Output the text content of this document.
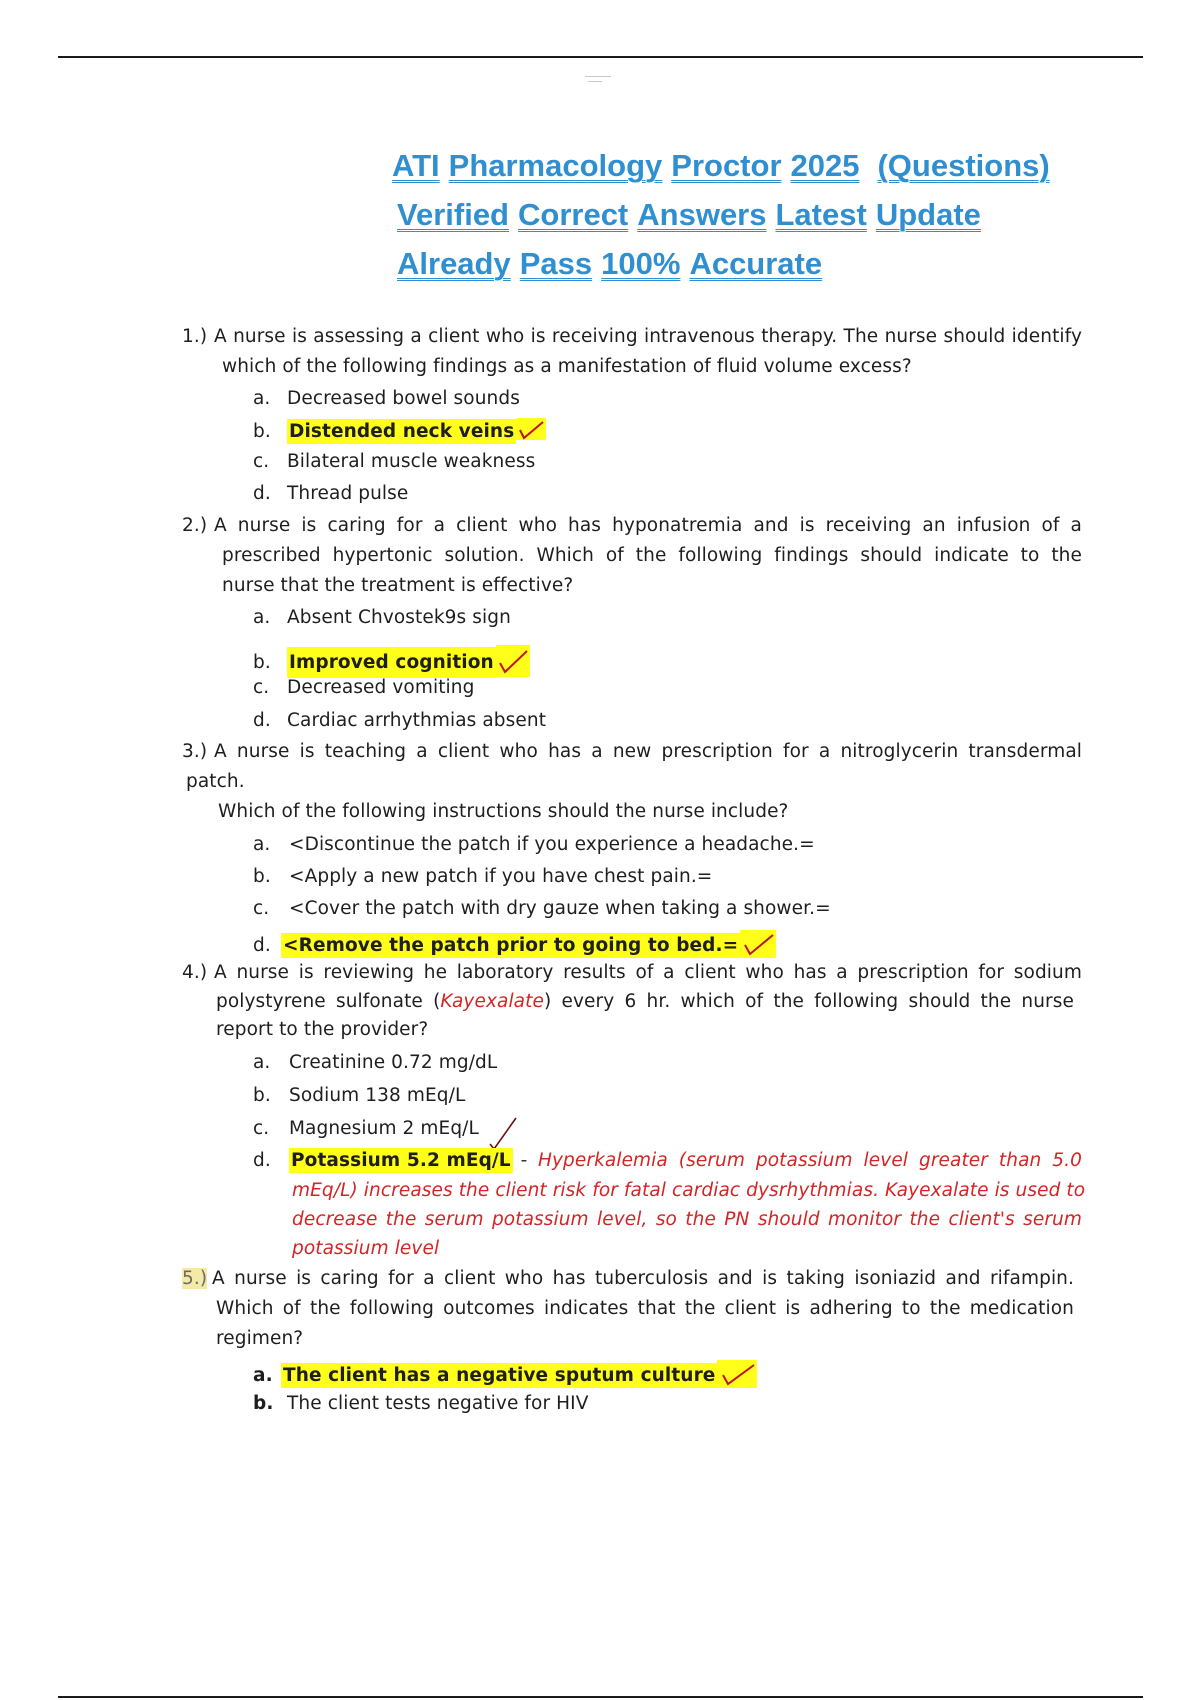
ATI Pharmacology Proctor 2025 (Questions)
Verified Correct Answers Latest Update
Already Pass 100% Accurate
1.) A nurse is assessing a client who is receiving intravenous therapy. The nurse should identify
which of the following findings as a manifestation of fluid volume excess?
a. Decreased bowel sounds
b. Distended neck veins
c. Bilateral muscle weakness
d. Thread pulse
2.) A nurse is caring for a client who has hyponatremia and is receiving an infusion of a
prescribed hypertonic solution. Which of the following findings should indicate to the
nurse that the treatment is effective?
a. Absent Chvostek9s sign
b. Improved cognition
c. Decreased vomiting
d. Cardiac arrhythmias absent
3.) A nurse is teaching a client who has a new prescription for a nitroglycerin transdermal
patch.
Which of the following instructions should the nurse include?
a. <Discontinue the patch if you experience a headache.=
b. <Apply a new patch if you have chest pain.=
c. <Cover the patch with dry gauze when taking a shower.=
d. <Remove the patch prior to going to bed.=
4.) A nurse is reviewing he laboratory results of a client who has a prescription for sodium
polystyrene sulfonate (Kayexalate) every 6 hr. which of the following should the nurse
report to the provider?
a. Creatinine 0.72 mg/dL
b. Sodium 138 mEq/L
c. Magnesium 2 mEq/L
d. Potassium 5.2 mEq/L - Hyperkalemia (serum potassium level greater than 5.0
mEq/L) increases the client risk for fatal cardiac dysrhythmias. Kayexalate is used to
decrease the serum potassium level, so the PN should monitor the client's serum
potassium level
5.) A nurse is caring for a client who has tuberculosis and is taking isoniazid and rifampin.
Which of the following outcomes indicates that the client is adhering to the medication
regimen?
a. The client has a negative sputum culture
b. The client tests negative for HIV
